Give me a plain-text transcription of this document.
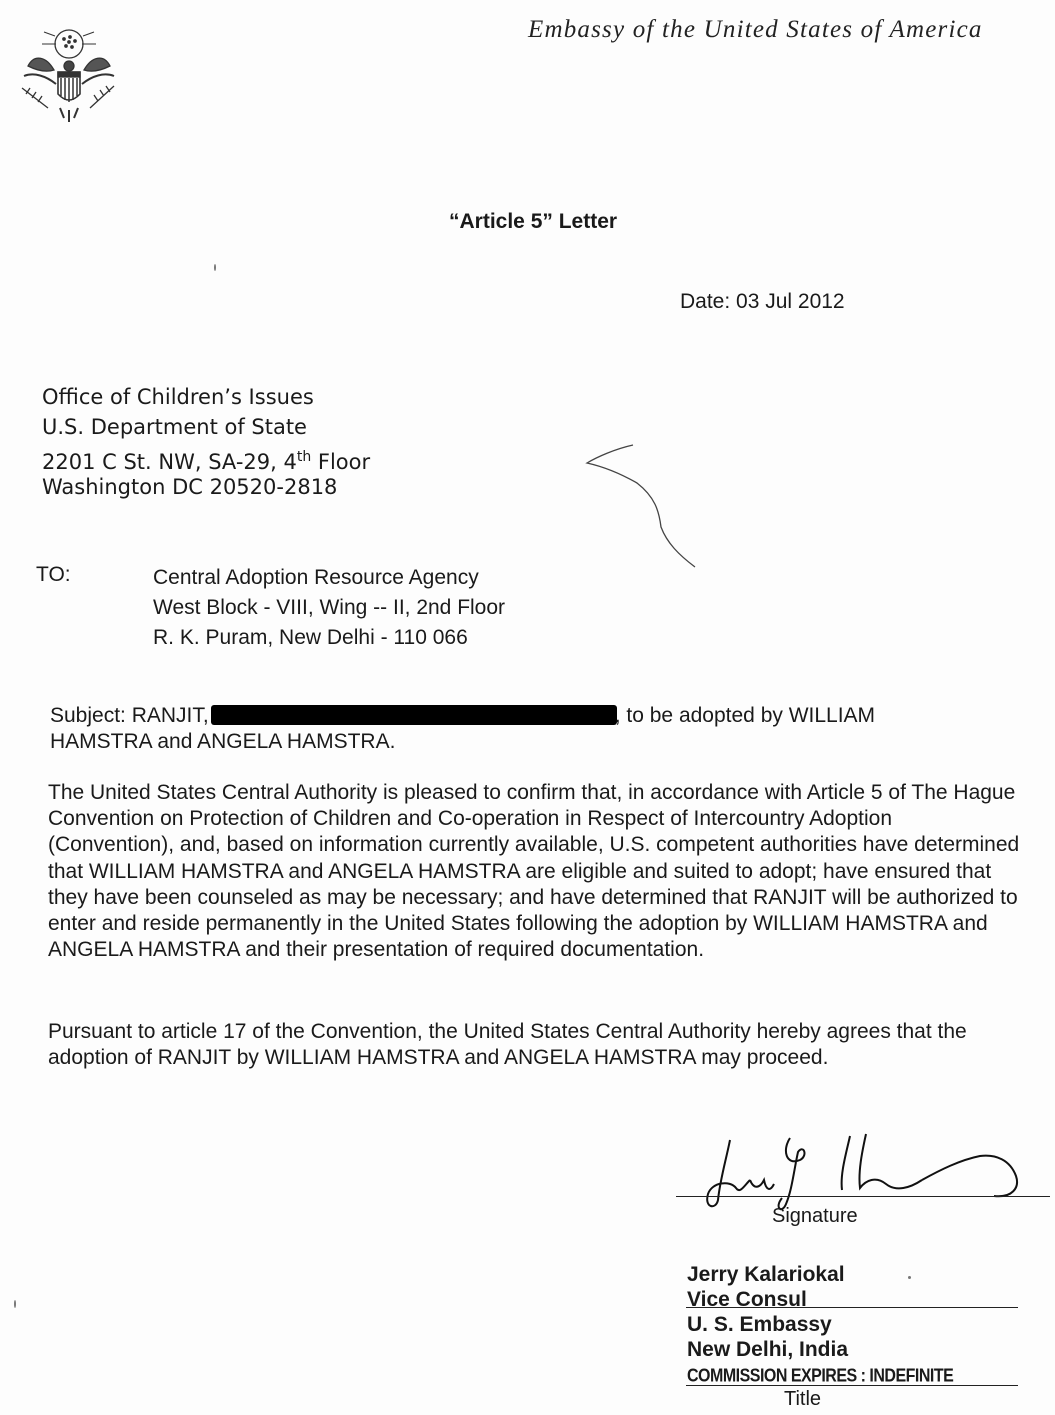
Embassy of the United States of America
“Article 5” Letter
Date: 03 Jul 2012
Office of Children’s Issues
U.S. Department of State
2201 C St. NW, SA-29, 4th Floor
Washington DC 20520-2818
TO:	Central Adoption Resource Agency
West Block - VIII, Wing -- II, 2nd Floor
R. K. Puram, New Delhi - 110 066
Subject: RANJIT,	, to be adopted by WILLIAM HAMSTRA and ANGELA HAMSTRA.
The United States Central Authority is pleased to confirm that, in accordance with Article 5 of The Hague Convention on Protection of Children and Co-operation in Respect of Intercountry Adoption (Convention), and, based on information currently available, U.S. competent authorities have determined that WILLIAM HAMSTRA and ANGELA HAMSTRA are eligible and suited to adopt; have ensured that they have been counseled as may be necessary; and have determined that RANJIT will be authorized to enter and reside permanently in the United States following the adoption by WILLIAM HAMSTRA and ANGELA HAMSTRA and their presentation of required documentation.
Pursuant to article 17 of the Convention, the United States Central Authority hereby agrees that the adoption of RANJIT by WILLIAM HAMSTRA and ANGELA HAMSTRA may proceed.
Signature
Jerry Kalariokal
Vice Consul
U. S. Embassy
New Delhi, India
COMMISSION EXPIRES : INDEFINITE
Title
